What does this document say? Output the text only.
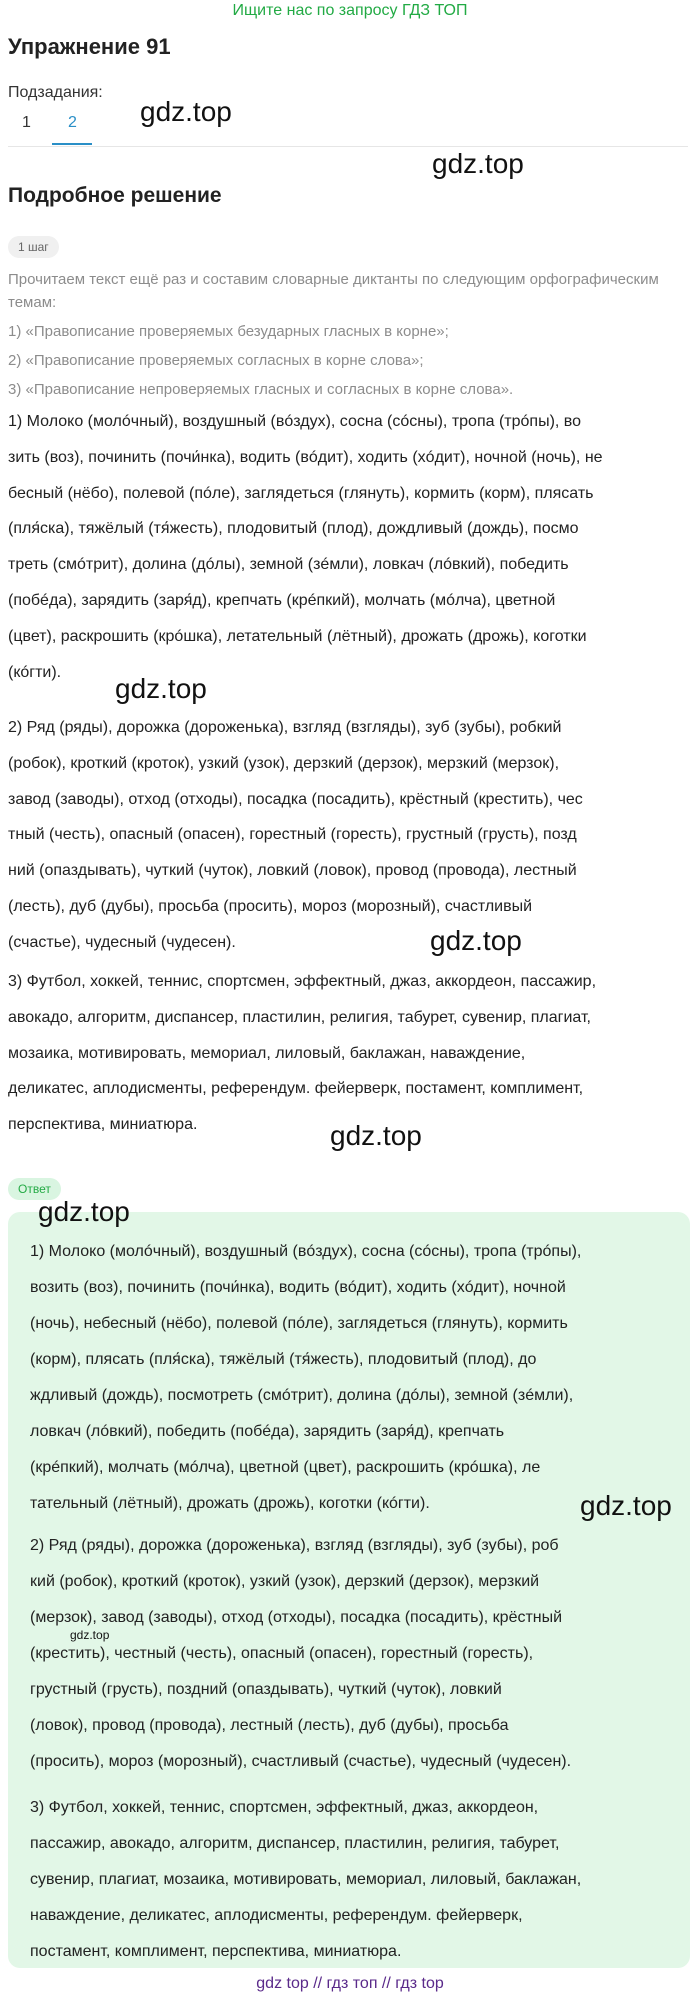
Ищите нас по запросу ГДЗ ТОП
Упражнение 91
Подзадания:
1 2
Подробное решение
1 шаг

Прочитаем текст ещё раз и составим словарные диктанты по следующим орфографическим темам:

1) «Правописание проверяемых безударных гласных в корне»;

2) «Правописание проверяемых согласных в корне слова»;

3) «Правописание непроверяемых гласных и согласных в корне слова».

1) Молоко (молóчный), воздушный (вóздух), сосна (сóсны), тропа (трóпы), во
зить (воз), починить (почи́нка), водить (вóдит), ходить (хóдит), ночной (ночь), не
бесный (нёбо), полевой (пóле), заглядеться (глянуть), кормить (корм), плясать
(пля́ска), тяжёлый (тя́жесть), плодовитый (плод), дождливый (дождь), посмо
треть (смóтрит), долина (дóлы), земной (зéмли), ловкач (лóвкий), победить
(побéда), зарядить (заря́д), крепчать (крéпкий), молчать (мóлча), цветной
(цвет), раскрошить (крóшка), летательный (лётный), дрожать (дрожь), коготки
(кóгти).

2) Ряд (ряды), дорожка (дороженька), взгляд (взгляды), зуб (зубы), робкий
(робок), кроткий (кроток), узкий (узок), дерзкий (дерзок), мерзкий (мерзок),
завод (заводы), отход (отходы), посадка (посадить), крёстный (крестить), чес
тный (честь), опасный (опасен), горестный (горесть), грустный (грусть), позд
ний (опаздывать), чуткий (чуток), ловкий (ловок), провод (провода), лестный
(лесть), дуб (дубы), просьба (просить), мороз (морозный), счастливый
(счастье), чудесный (чудесен).

3) Футбол, хоккей, теннис, спортсмен, эффектный, джаз, аккордеон, пассажир,
авокадо, алгоритм, диспансер, пластилин, религия, табурет, сувенир, плагиат,
мозаика, мотивировать, мемориал, лиловый, баклажан, наваждение,
деликатес, аплодисменты, референдум. фейерверк, постамент, комплимент,
перспектива, миниатюра.

Ответ

1) Молоко (молóчный), воздушный (вóздух), сосна (сóсны), тропа (трóпы),
возить (воз), починить (почи́нка), водить (вóдит), ходить (хóдит), ночной
(ночь), небесный (нёбо), полевой (пóле), заглядеться (глянуть), кормить
(корм), плясать (пля́ска), тяжёлый (тя́жесть), плодовитый (плод), до
ждливый (дождь), посмотреть (смóтрит), долина (дóлы), земной (зéмли),
ловкач (лóвкий), победить (побéда), зарядить (заря́д), крепчать
(крéпкий), молчать (мóлча), цветной (цвет), раскрошить (крóшка), ле
тательный (лётный), дрожать (дрожь), коготки (кóгти).

2) Ряд (ряды), дорожка (дороженька), взгляд (взгляды), зуб (зубы), роб
кий (робок), кроткий (кроток), узкий (узок), дерзкий (дерзок), мерзкий
(мерзок), завод (заводы), отход (отходы), посадка (посадить), крёстный
(крестить), честный (честь), опасный (опасен), горестный (горесть),
грустный (грусть), поздний (опаздывать), чуткий (чуток), ловкий
(ловок), провод (провода), лестный (лесть), дуб (дубы), просьба
(просить), мороз (морозный), счастливый (счастье), чудесный (чудесен).

3) Футбол, хоккей, теннис, спортсмен, эффектный, джаз, аккордеон,
пассажир, авокадо, алгоритм, диспансер, пластилин, религия, табурет,
сувенир, плагиат, мозаика, мотивировать, мемориал, лиловый, баклажан,
наваждение, деликатес, аплодисменты, референдум. фейерверк,
постамент, комплимент, перспектива, миниатюра.

gdz.top
gdz.top
gdz.top
gdz.top
gdz.top
gdz.top
gdz.top
gdz.top
gdz top // гдз топ // гдз top
